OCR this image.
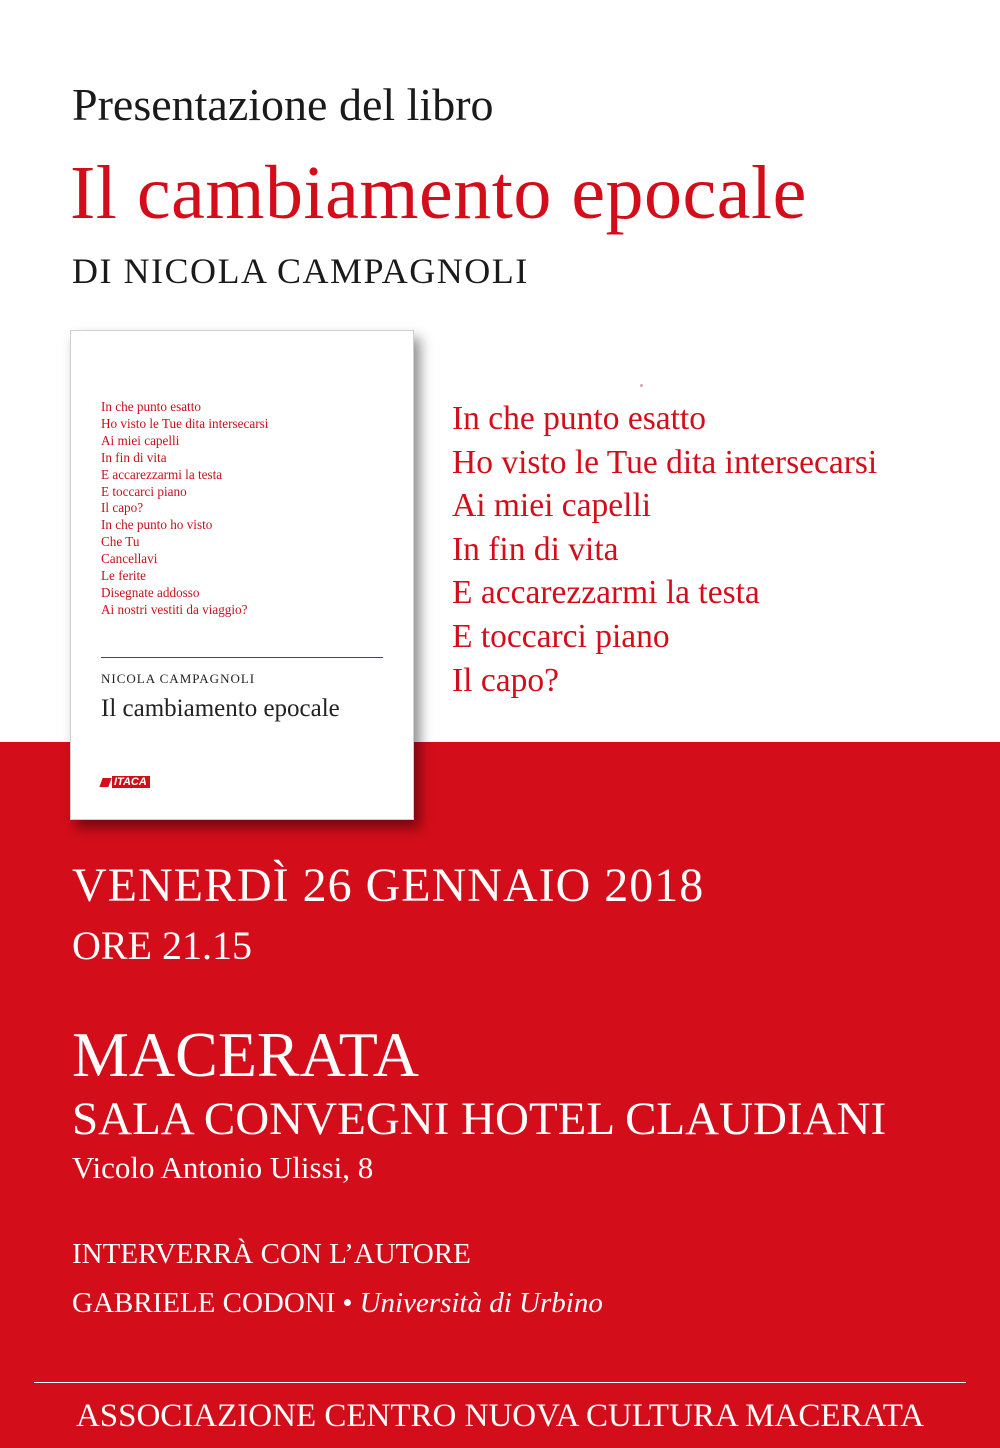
Presentazione del libro
Il cambiamento epocale
DI NICOLA CAMPAGNOLI
In che punto esatto
Ho visto le Tue dita intersecarsi
Ai miei capelli
In fin di vita
E accarezzarmi la testa
E toccarci piano
Il capo?
In che punto ho visto
Che Tu
Cancellavi
Le ferite
Disegnate addosso
Ai nostri vestiti da viaggio?
NICOLA CAMPAGNOLI
Il cambiamento epocale
ITACA
In che punto esatto
Ho visto le Tue dita intersecarsi
Ai miei capelli
In fin di vita
E accarezzarmi la testa
E toccarci piano
Il capo?
VENERDÌ 26 GENNAIO 2018
ORE 21.15
MACERATA
SALA CONVEGNI HOTEL CLAUDIANI
Vicolo Antonio Ulissi, 8
INTERVERRÀ CON L’AUTORE
GABRIELE CODONI • Università di Urbino
ASSOCIAZIONE CENTRO NUOVA CULTURA MACERATA
